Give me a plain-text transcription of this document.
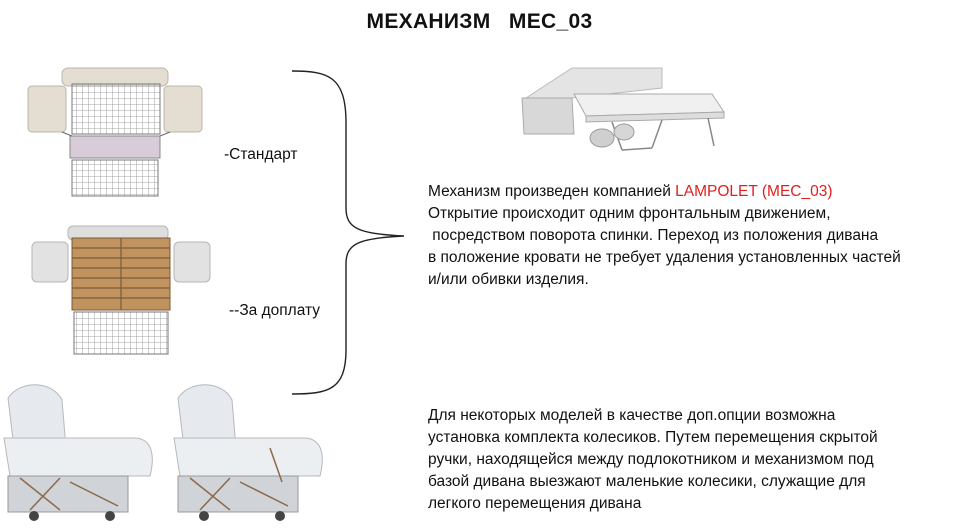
МЕХАНИЗМ   MEC_03
-Стандарт
--За доплату
Механизм произведен компанией LAMPOLET (MEC_03)
Открытие происходит одним фронтальным движением,
посредством поворота спинки. Переход из положения дивана
в положение кровати не требует удаления установленных частей
и/или обивки изделия.
Для некоторых моделей в качестве доп.опции возможна
установка комплекта колесиков. Путем перемещения скрытой
ручки, находящейся между подлокотником и механизмом под
базой дивана выезжают маленькие колесики, служащие для
легкого перемещения дивана
